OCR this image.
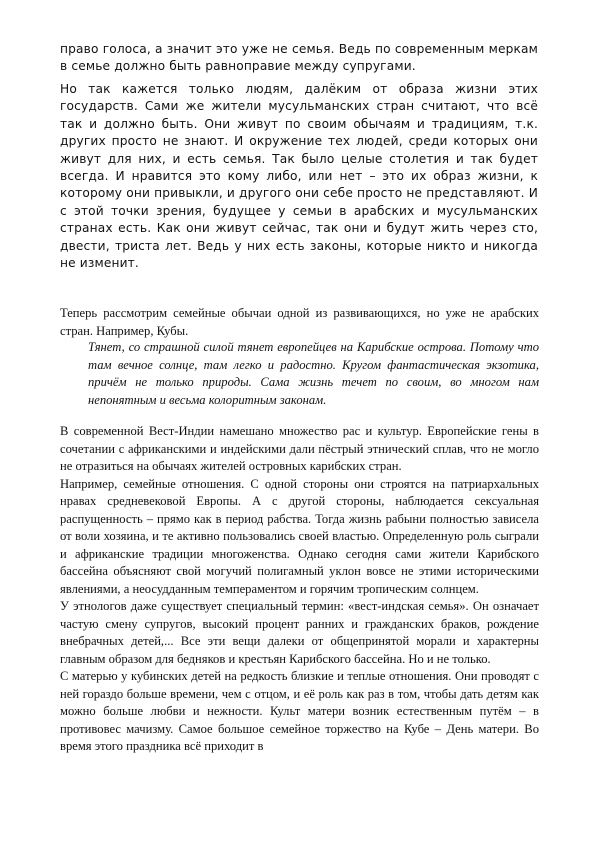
право голоса, а значит это уже не семья. Ведь по современным меркам в семье должно быть равноправие между супругами.

Но так кажется только людям, далёким от образа жизни этих государств. Сами же жители мусульманских стран считают, что всё так и должно быть. Они живут по своим обычаям и традициям, т.к. других просто не знают. И окружение тех людей, среди которых они живут для них, и есть семья. Так было целые столетия и так будет всегда. И нравится это кому либо, или нет – это их образ жизни, к которому они привыкли, и другого они себе просто не представляют. И с этой точки зрения, будущее у семьи в арабских и мусульманских странах есть. Как они живут сейчас, так они и будут жить через сто, двести, триста лет. Ведь у них есть законы, которые никто и никогда не изменит.

Теперь рассмотрим семейные обычаи одной из развивающихся, но уже не арабских стран. Например, Кубы.

Тянет, со страшной силой тянет европейцев на Карибские острова. Потому что там вечное солнце, там легко и радостно. Кругом фантастическая экзотика, причём не только природы. Сама жизнь течет по своим, во многом нам непонятным и весьма колоритным законам.

В современной Вест-Индии намешано множество рас и культур. Европейские гены в сочетании с африканскими и индейскими дали пёстрый этнический сплав, что не могло не отразиться на обычаях жителей островных карибских стран.

Например, семейные отношения. С одной стороны они строятся на патриархальных нравах средневековой Европы. А с другой стороны, наблюдается сексуальная распущенность – прямо как в период рабства. Тогда жизнь рабыни полностью зависела от воли хозяина, и те активно пользовались своей властью. Определенную роль сыграли и африканские традиции многоженства. Однако сегодня сами жители Карибского бассейна объясняют свой могучий полигамный уклон вовсе не этими историческими явлениями, а неосудданным темпераментом и горячим тропическим солнцем.

У этнологов даже существует специальный термин: «вест-индская семья». Он означает частую смену супругов, высокий процент ранних и гражданских браков, рождение внебрачных детей,... Все эти вещи далеки от общепринятой морали и характерны главным образом для бедняков и крестьян Карибского бассейна. Но и не только.

С матерью у кубинских детей на редкость близкие и теплые отношения. Они проводят с ней гораздо больше времени, чем с отцом, и её роль как раз в том, чтобы дать детям как можно больше любви и нежности. Культ матери возник естественным путём – в противовес мачизму. Самое большое семейное торжество на Кубе – День матери. Во время этого праздника всё приходит в
